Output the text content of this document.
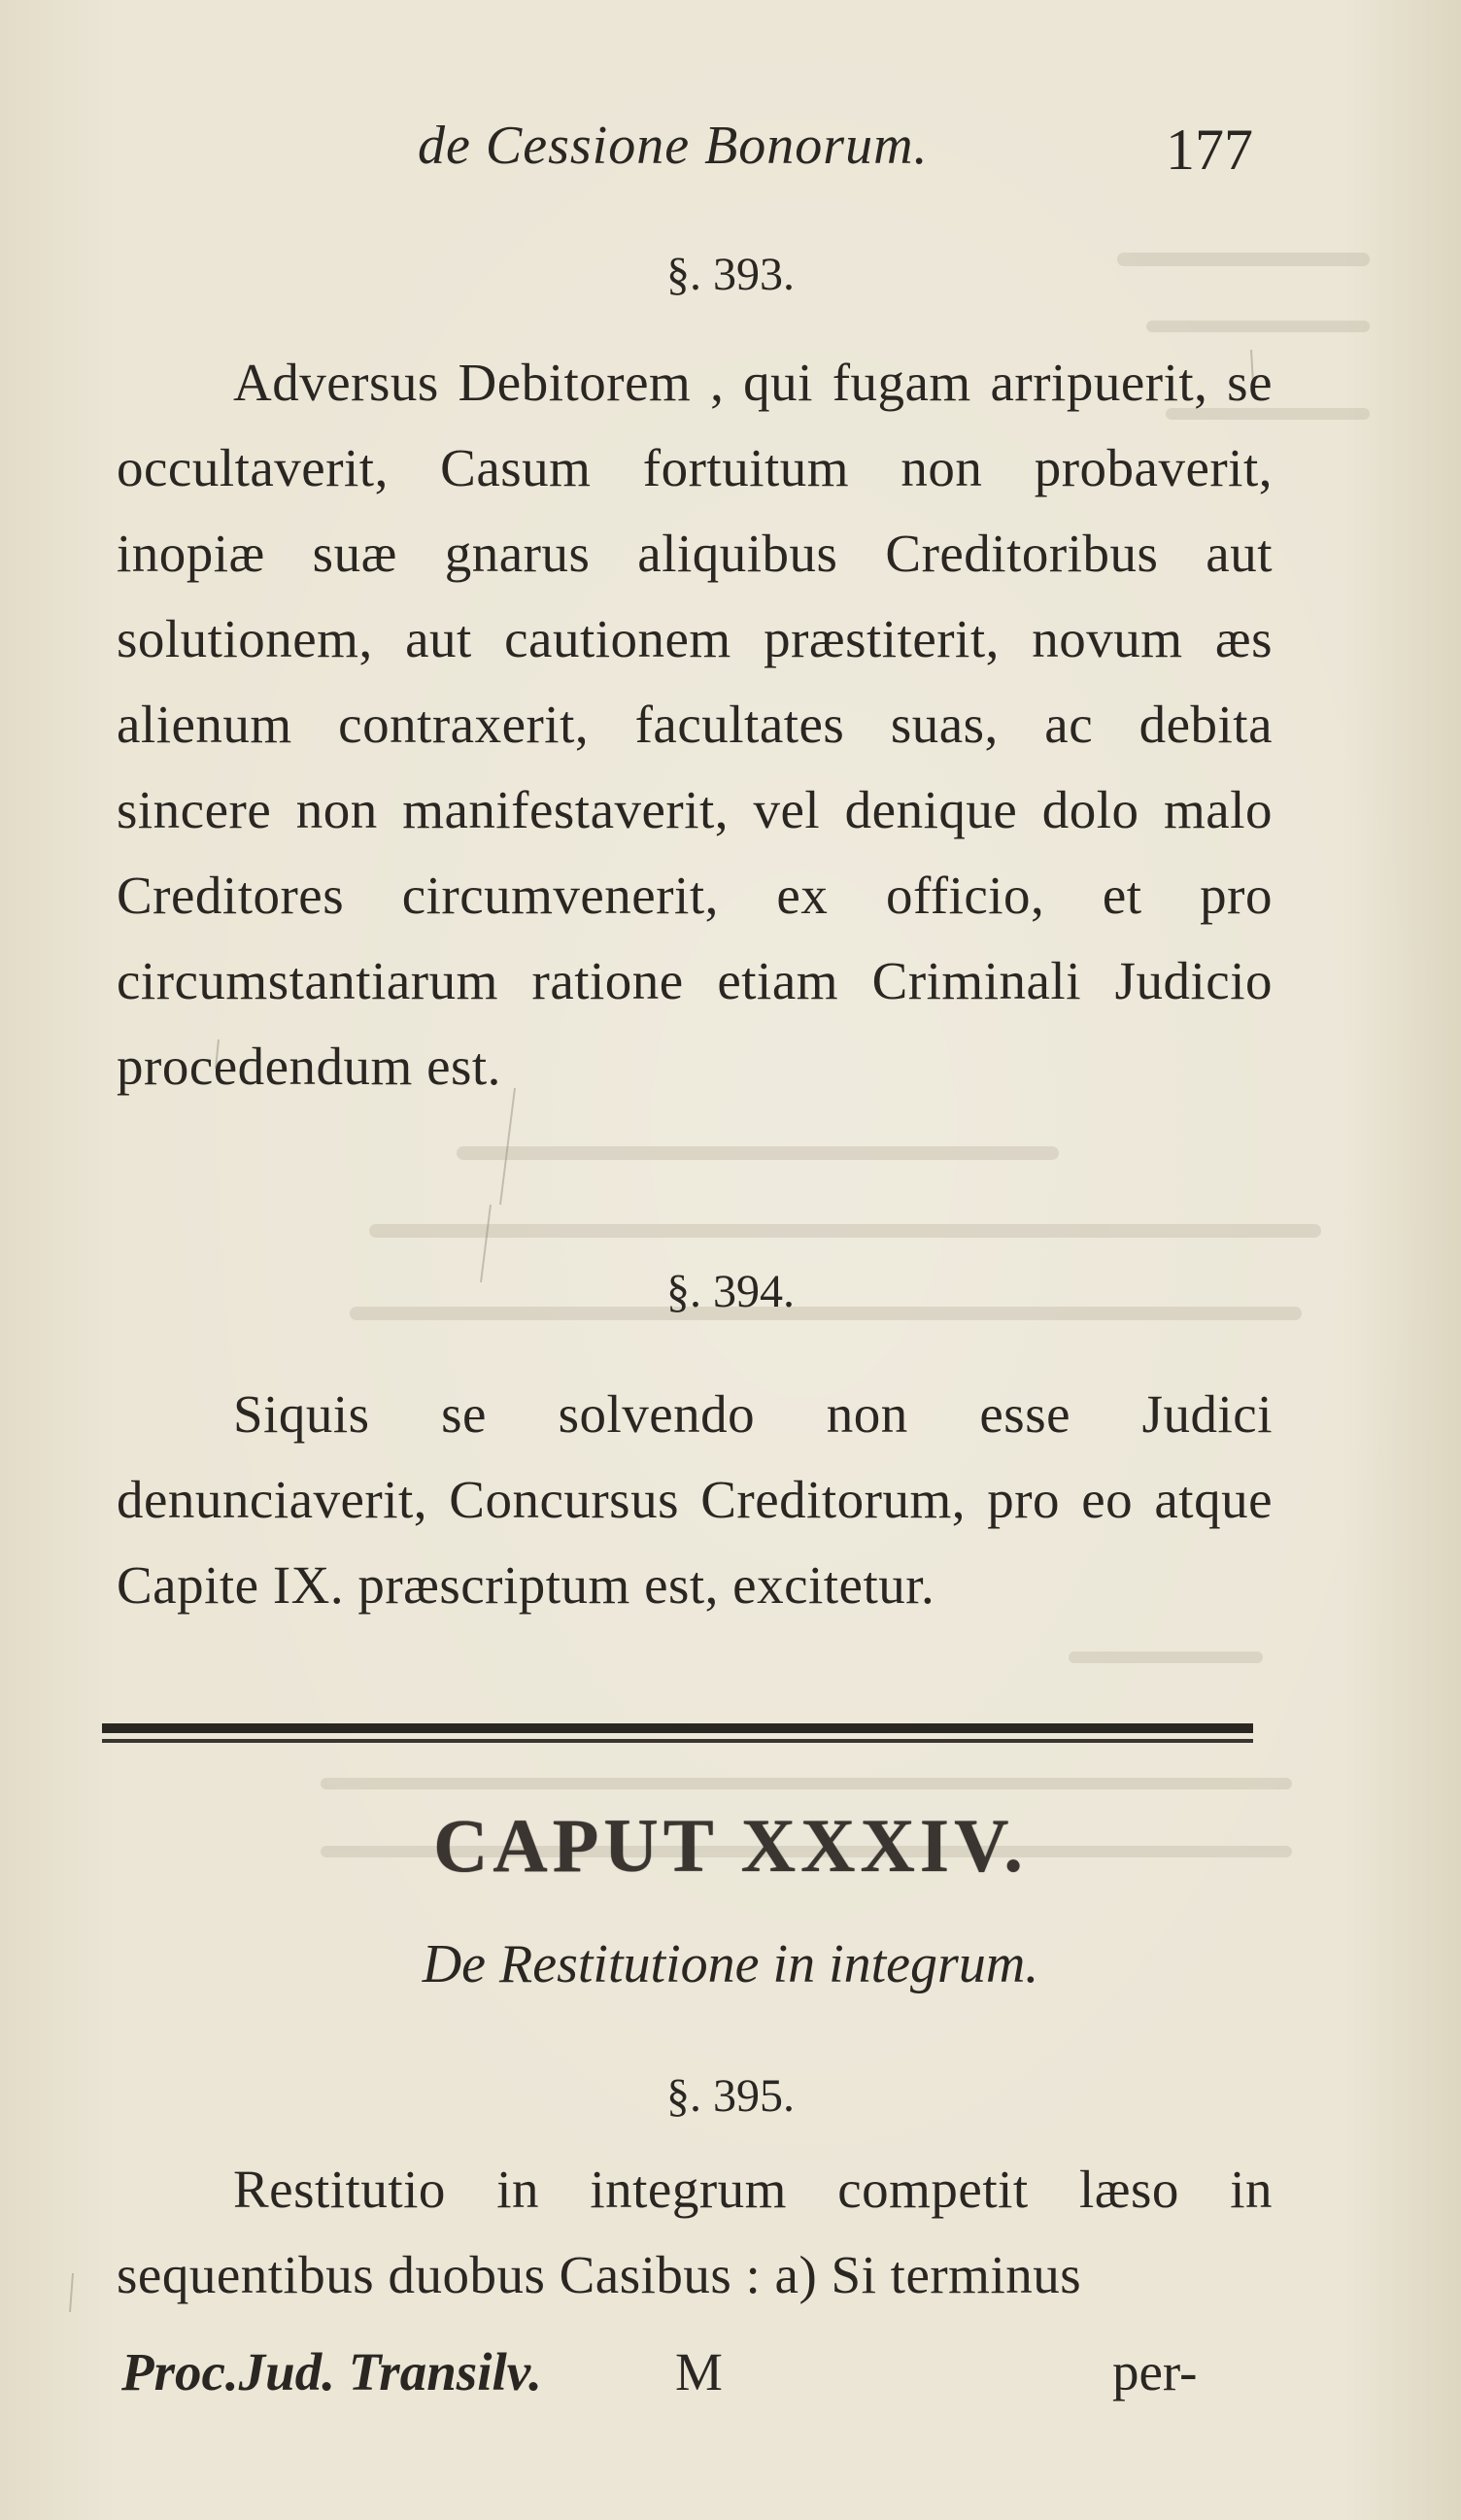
de Cessione Bonorum.	177
§. 393.
Adversus Debitorem , qui fugam arripuerit, se occultaverit, Casum fortuitum non probaverit, inopiæ suæ gnarus aliquibus Creditoribus aut solutionem, aut cautionem præstiterit, novum æs alienum contraxerit, facultates suas, ac debita sincere non manifestaverit, vel denique dolo malo Creditores circumvenerit, ex officio, et pro circumstantiarum ratione etiam Criminali Judicio procedendum est.
§. 394.
Siquis se solvendo non esse Judici denunciaverit, Concursus Creditorum, pro eo atque Capite IX. præscriptum est, excitetur.
CAPUT XXXIV.
De Restitutione in integrum.
§. 395.
Restitutio in integrum competit læso in sequentibus duobus Casibus : a) Si terminus
Proc.Jud. Transilv. M	per-
